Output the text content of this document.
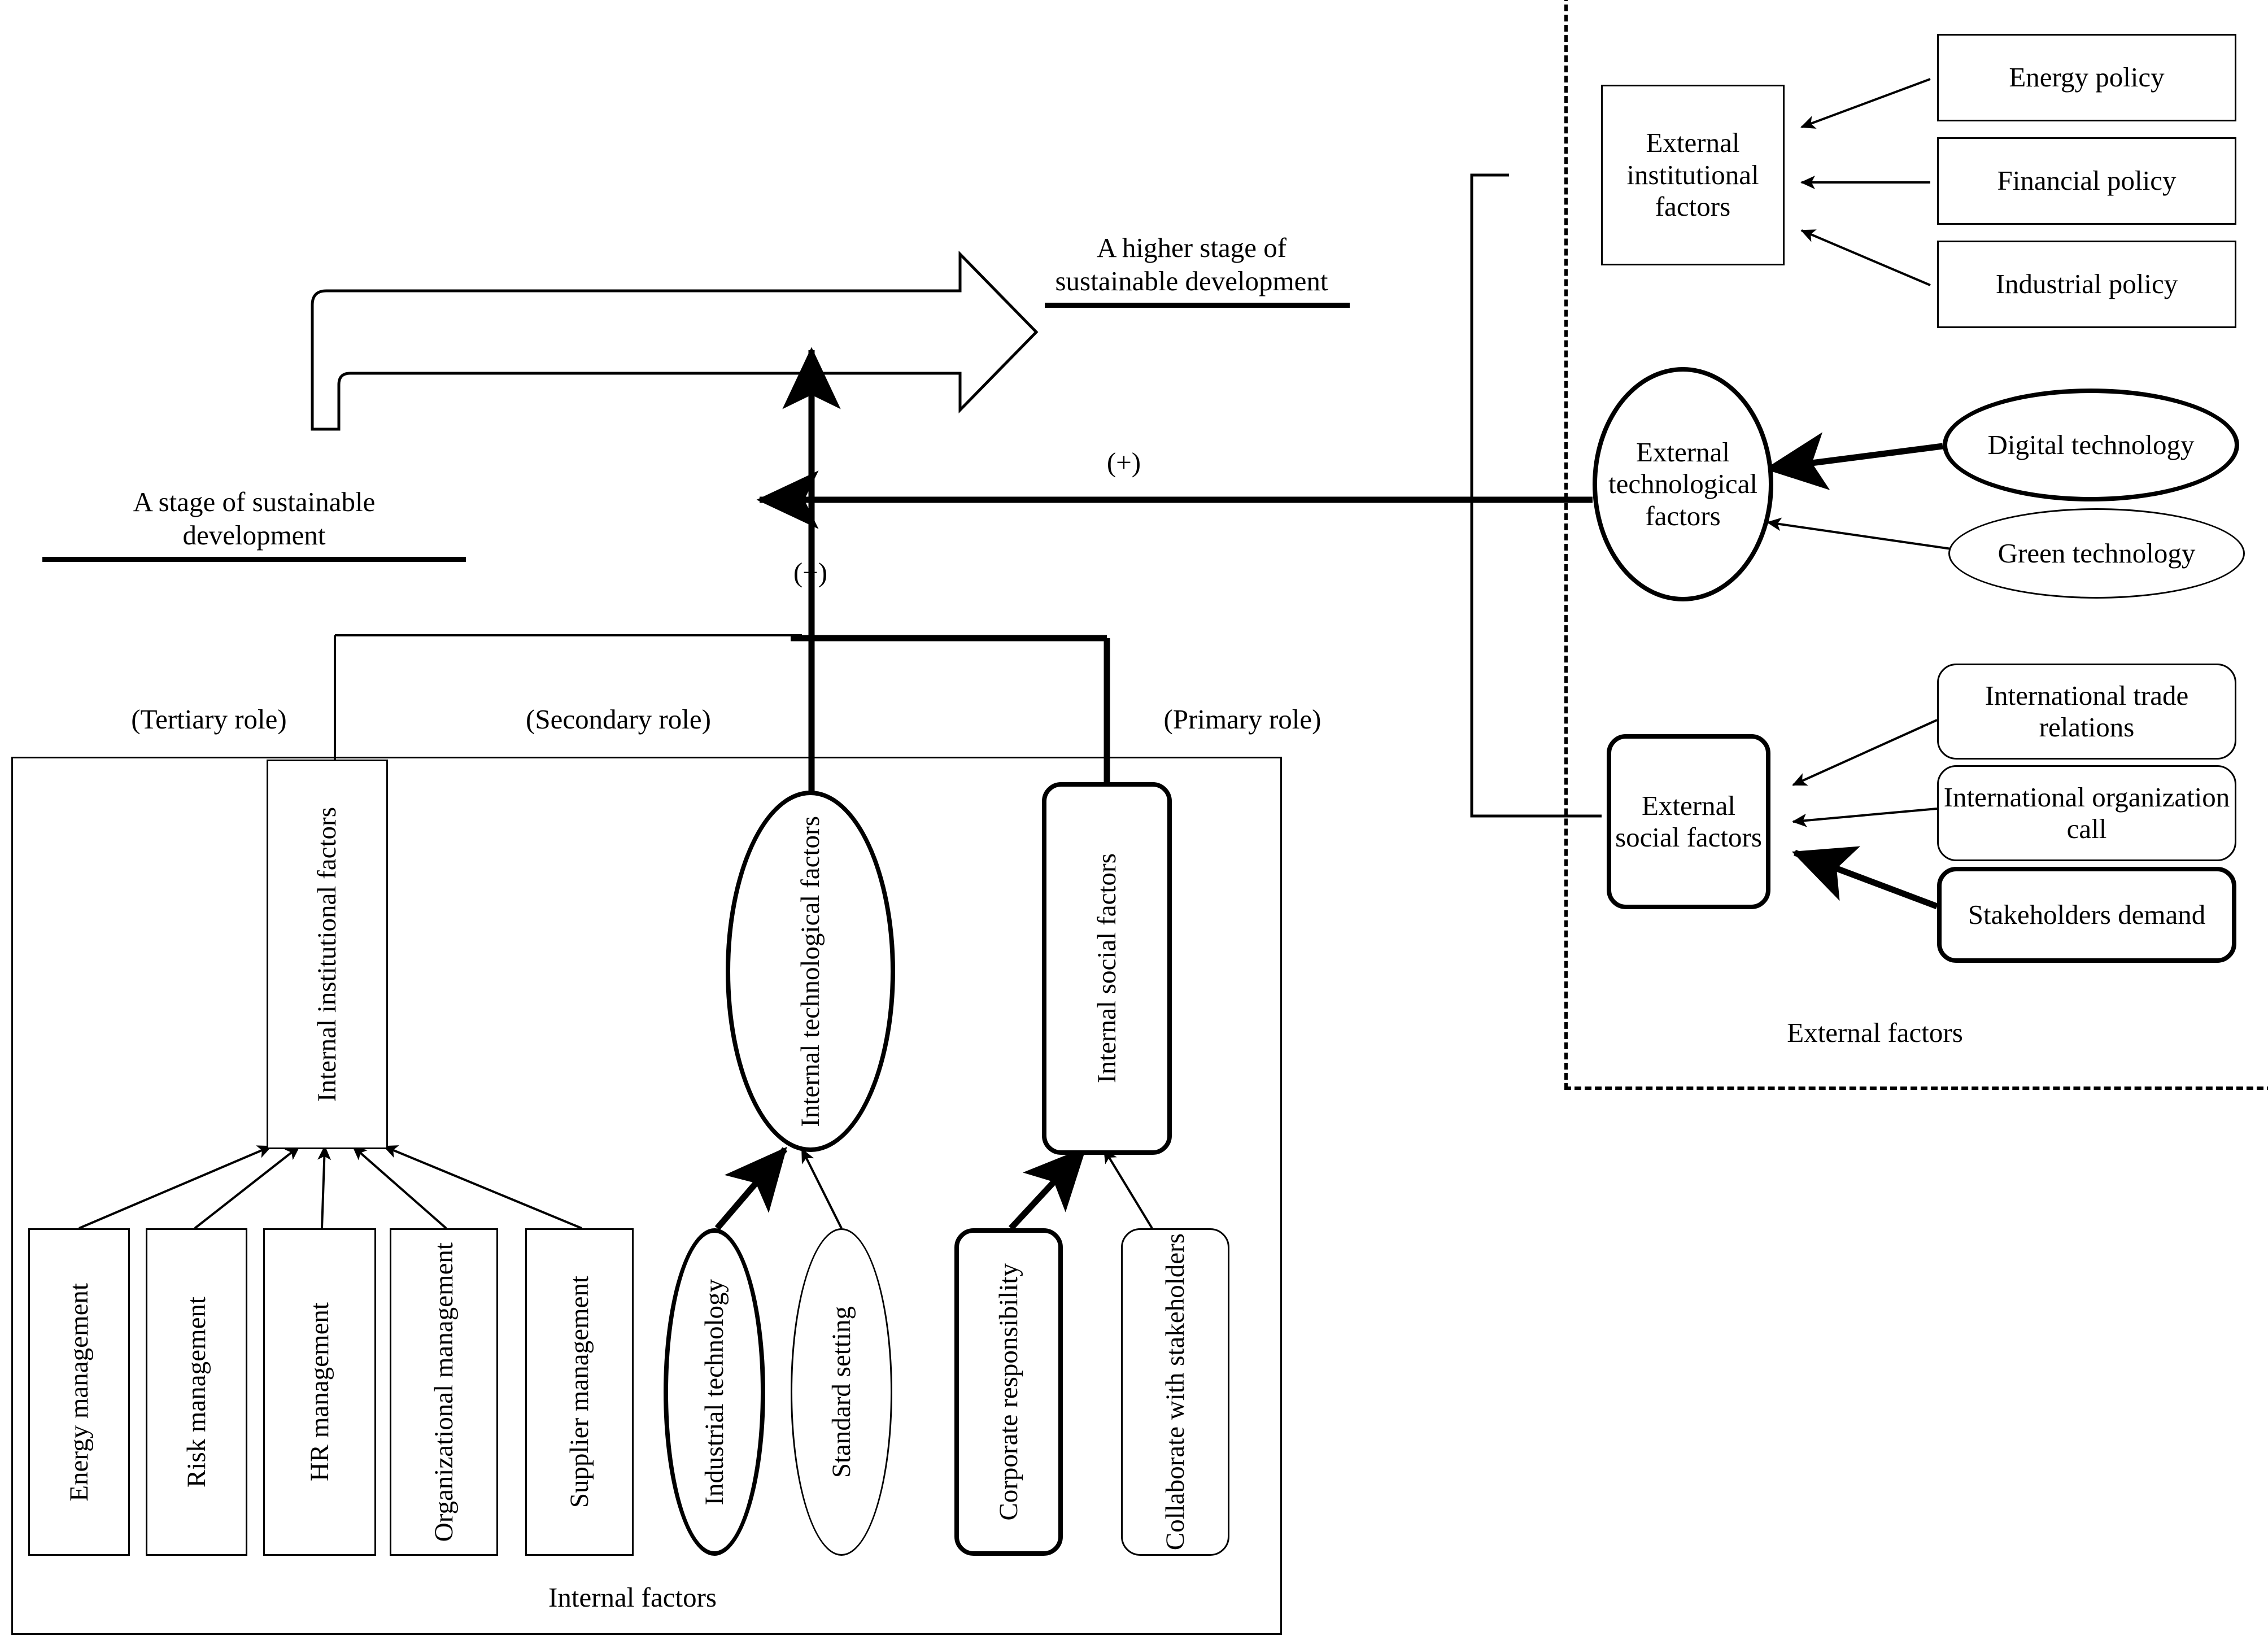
A higher stage of sustainable development
A stage of sustainable development
(+)
(+)
(Tertiary role)	(Secondary role)	(Primary role)
Internal factors
External factors
Internal institutional factors	Internal technological factors	Internal social factors
Energy management	Risk management	HR management	Organizational management	Supplier management	Industrial technology	Standard setting	Corporate responsibility	Collaborate with stakeholders
External institutional factors
External technological factors
External social factors
Energy policy
Financial policy
Industrial policy
Digital technology
Green technology
International trade relations
International organization call
Stakeholders demand
